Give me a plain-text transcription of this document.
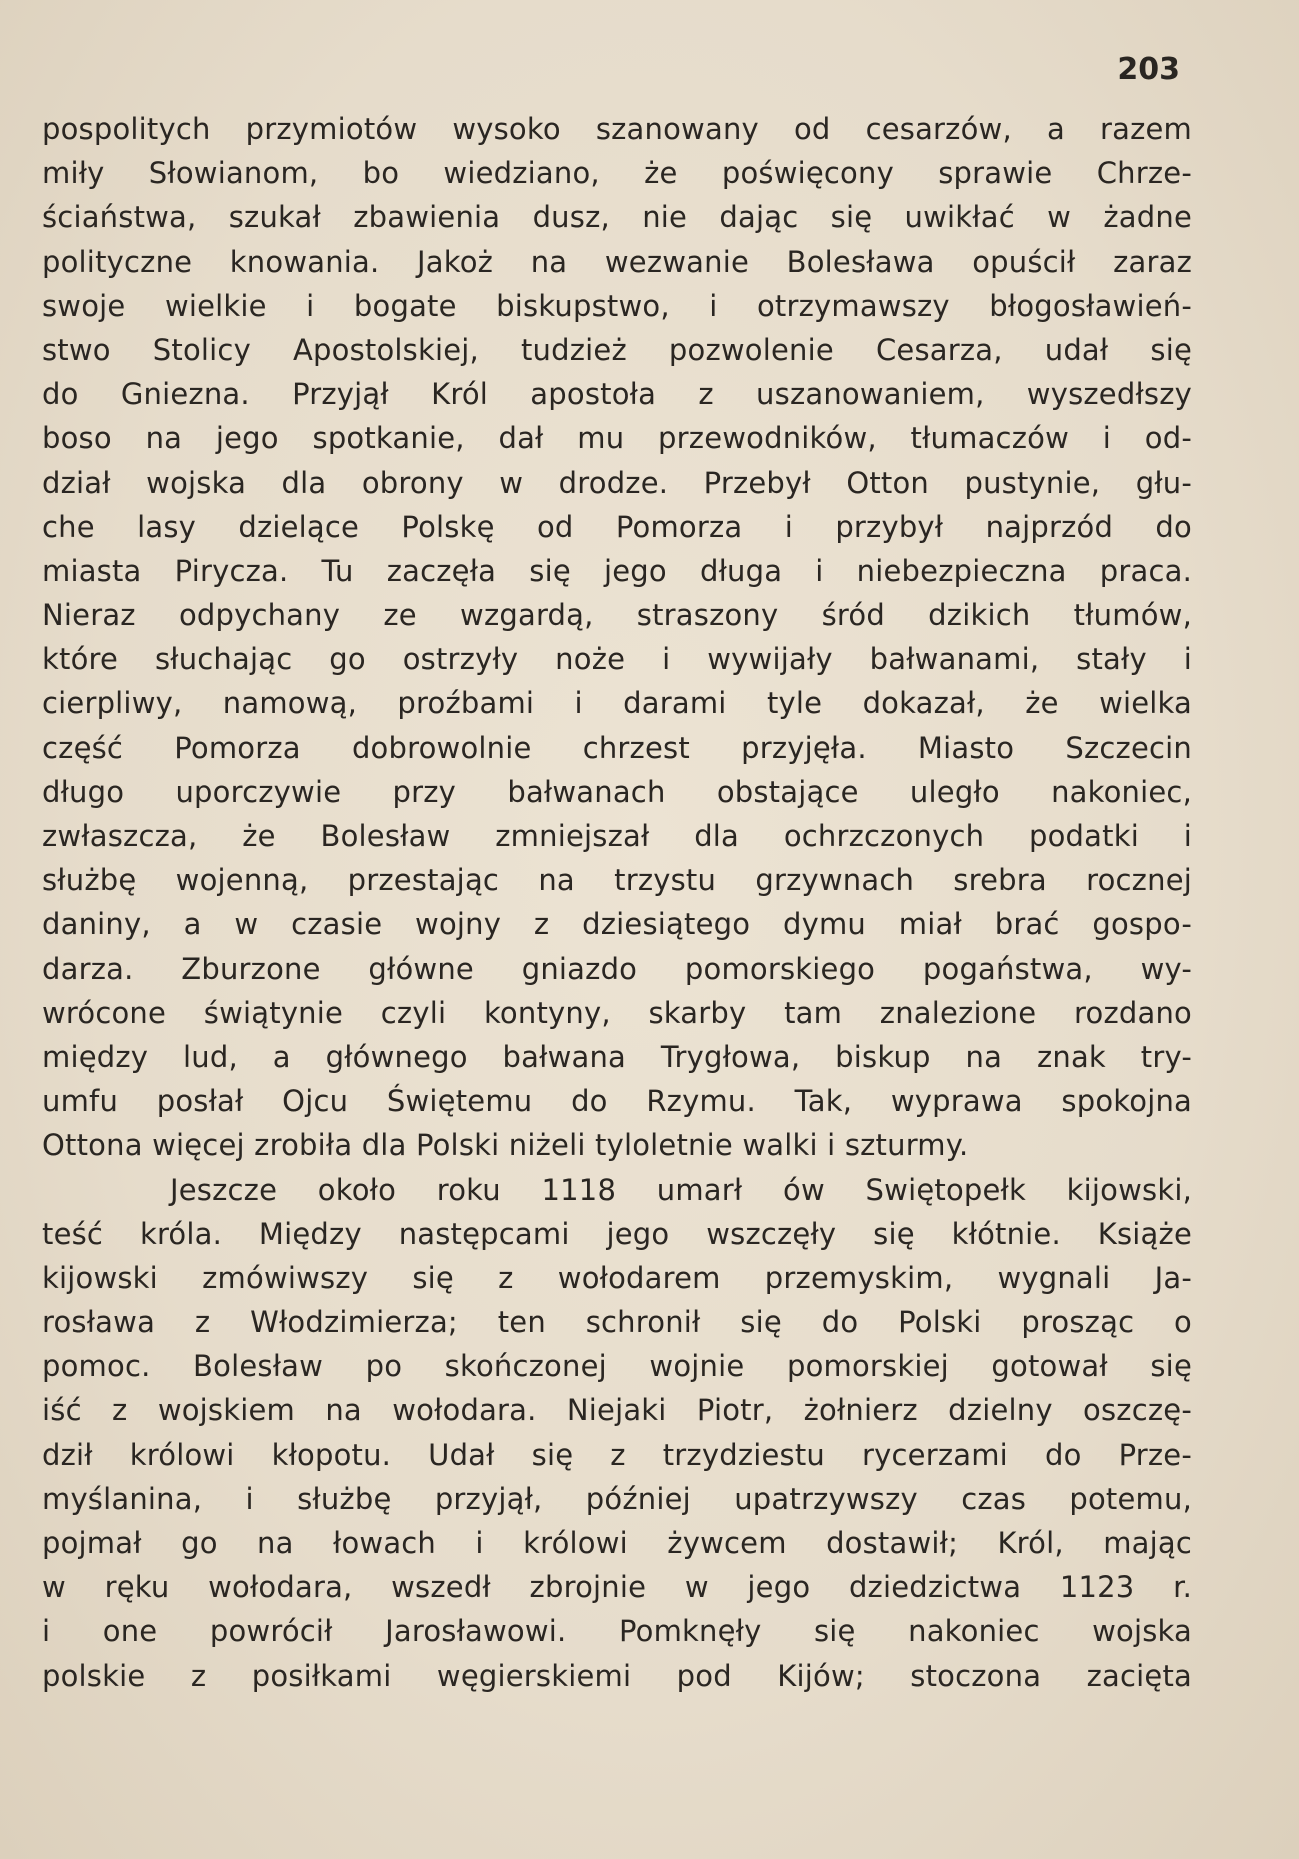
203
pospolitych przymiotów wysoko szanowany od cesarzów, a razem
miły Słowianom, bo wiedziano, że poświęcony sprawie Chrze-
ściaństwa, szukał zbawienia dusz, nie dając się uwikłać w żadne
polityczne knowania. Jakoż na wezwanie Bolesława opuścił zaraz
swoje wielkie i bogate biskupstwo, i otrzymawszy błogosławień-
stwo Stolicy Apostolskiej, tudzież pozwolenie Cesarza, udał się
do Gniezna. Przyjął Król apostoła z uszanowaniem, wyszedłszy
boso na jego spotkanie, dał mu przewodników, tłumaczów i od-
dział wojska dla obrony w drodze. Przebył Otton pustynie, głu-
che lasy dzielące Polskę od Pomorza i przybył najprzód do
miasta Pirycza. Tu zaczęła się jego długa i niebezpieczna praca.
Nieraz odpychany ze wzgardą, straszony śród dzikich tłumów,
które słuchając go ostrzyły noże i wywijały bałwanami, stały i
cierpliwy, namową, proźbami i darami tyle dokazał, że wielka
część Pomorza dobrowolnie chrzest przyjęła. Miasto Szczecin
długo uporczywie przy bałwanach obstające uległo nakoniec,
zwłaszcza, że Bolesław zmniejszał dla ochrzczonych podatki i
służbę wojenną, przestając na trzystu grzywnach srebra rocznej
daniny, a w czasie wojny z dziesiątego dymu miał brać gospo-
darza. Zburzone główne gniazdo pomorskiego pogaństwa, wy-
wrócone świątynie czyli kontyny, skarby tam znalezione rozdano
między lud, a głównego bałwana Trygłowa, biskup na znak try-
umfu posłał Ojcu Świętemu do Rzymu. Tak, wyprawa spokojna
Ottona więcej zrobiła dla Polski niżeli tyloletnie walki i szturmy.
Jeszcze około roku 1118 umarł ów Swiętopełk kijowski,
teść króla. Między następcami jego wszczęły się kłótnie. Książe
kijowski zmówiwszy się z wołodarem przemyskim, wygnali Ja-
rosława z Włodzimierza; ten schronił się do Polski prosząc o
pomoc. Bolesław po skończonej wojnie pomorskiej gotował się
iść z wojskiem na wołodara. Niejaki Piotr, żołnierz dzielny oszczę-
dził królowi kłopotu. Udał się z trzydziestu rycerzami do Prze-
myślanina, i służbę przyjął, później upatrzywszy czas potemu,
pojmał go na łowach i królowi żywcem dostawił; Król, mając
w ręku wołodara, wszedł zbrojnie w jego dziedzictwa 1123 r.
i one powrócił Jarosławowi. Pomknęły się nakoniec wojska
polskie z posiłkami węgierskiemi pod Kijów; stoczona zacięta
